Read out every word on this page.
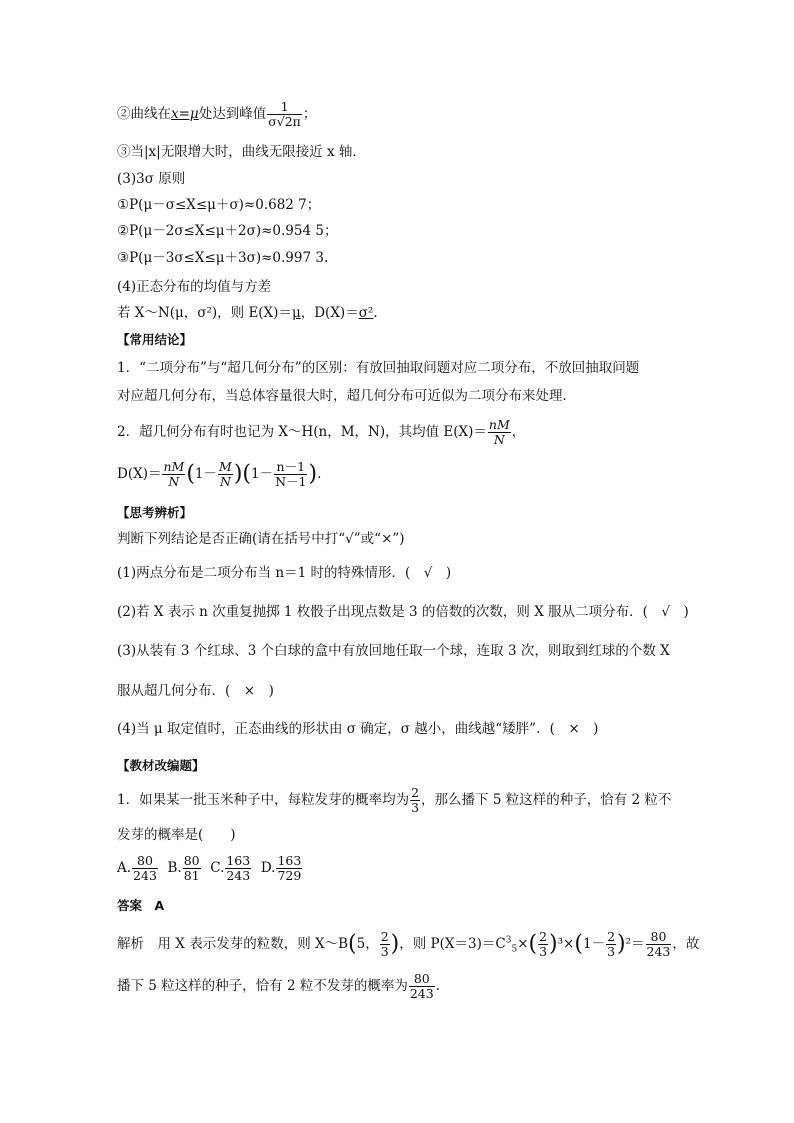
②曲线在x=μ处达到峰值 $\frac{1}{\sigma√2\pi}$ ；
③当|x|无限增大时，曲线无限接近 x 轴．
(3)3σ 原则
①P(μ－σ≤X≤μ＋σ)≈0.682 7；
②P(μ－2σ≤X≤μ＋2σ)≈0.954 5；
③P(μ－3σ≤X≤μ＋3σ)≈0.997 3.
(4)正态分布的均值与方差
若 X～N(μ，σ²)，则 E(X)＝μ，D(X)＝σ².
【常用结论】
1．“二项分布”与“超几何分布”的区别：有放回抽取问题对应二项分布，不放回抽取问题
对应超几何分布，当总体容量很大时，超几何分布可近似为二项分布来处理．
2．超几何分布有时也记为 X～H(n，M，N)，其均值 $E(X)= \frac{nM}{N}$ ，
$D(X)= \frac{nM}{N} (1- \frac{M}{N} )(1- \frac{n-1}{N-1}$ ).
【思考辨析】
判断下列结论是否正确(请在括号中打“√”或“×”)
(1)两点分布是二项分布当 n＝1 时的特殊情形．(　√　)
(2)若 X 表示 n 次重复抛掷 1 枚骰子出现点数是 3 的倍数的次数，则 X 服从二项分布．(　√　)
(3)从装有 3 个红球、3 个白球的盒中有放回地任取一个球，连取 3 次，则取到红球的个数 X
服从超几何分布．(　×　)
(4)当 μ 取定值时，正态曲线的形状由 σ 确定，σ 越小，曲线越“矮胖”．(　×　)
【教材改编题】
1．如果某一批玉米种子中，每粒发芽的概率均为 $\frac{2}{3}$ ，那么播下 5 粒这样的种子，恰有 2 粒不
发芽的概率是(　　)
A. $\frac{80}{243} B$. $\frac{80}{81} C$. $\frac{163}{243} D$. $\frac{163}{729}$
答案　A
解析　用 X 表示发芽的粒数，则 X～B(5， $\frac{2}{3}$ )，则 $P(X=3)=C^3_5\times( \frac{2}{3} )^3\times(1- \frac{2}{3} )^2= \frac{80}{243}$ ，故
播下 5 粒这样的种子，恰有 2 粒不发芽的概率为 $\frac{80}{243}$ .
